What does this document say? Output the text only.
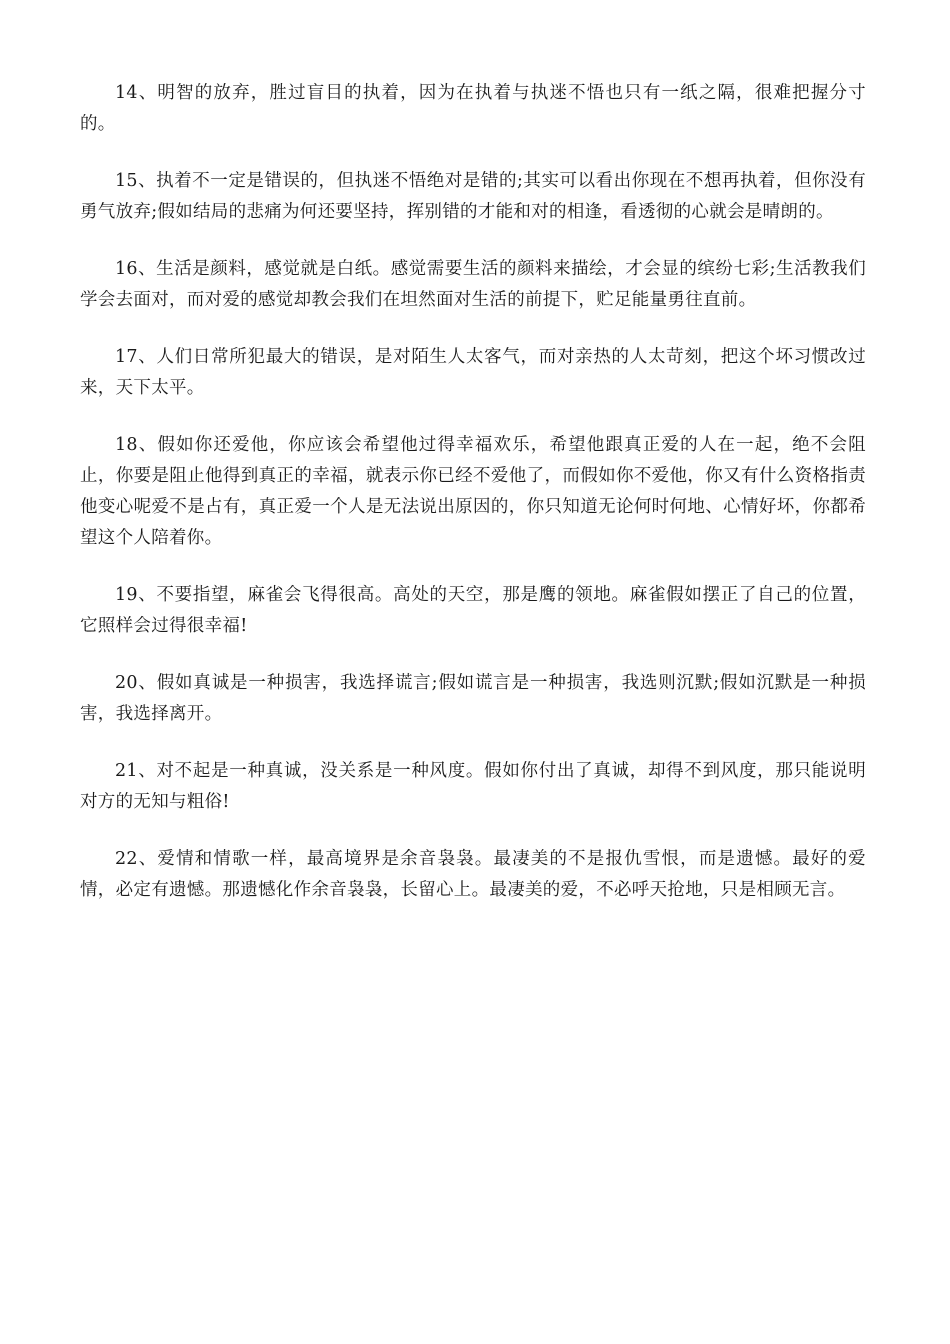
14、明智的放弃，胜过盲目的执着，因为在执着与执迷不悟也只有一纸之隔，很难把握分寸的。

15、执着不一定是错误的，但执迷不悟绝对是错的;其实可以看出你现在不想再执着，但你没有勇气放弃;假如结局的悲痛为何还要坚持，挥别错的才能和对的相逢，看透彻的心就会是晴朗的。

16、生活是颜料，感觉就是白纸。感觉需要生活的颜料来描绘，才会显的缤纷七彩;生活教我们学会去面对，而对爱的感觉却教会我们在坦然面对生活的前提下，贮足能量勇往直前。

17、人们日常所犯最大的错误，是对陌生人太客气，而对亲热的人太苛刻，把这个坏习惯改过来，天下太平。

18、假如你还爱他，你应该会希望他过得幸福欢乐，希望他跟真正爱的人在一起，绝不会阻止，你要是阻止他得到真正的幸福，就表示你已经不爱他了，而假如你不爱他，你又有什么资格指责他变心呢爱不是占有，真正爱一个人是无法说出原因的，你只知道无论何时何地、心情好坏，你都希望这个人陪着你。

19、不要指望，麻雀会飞得很高。高处的天空，那是鹰的领地。麻雀假如摆正了自己的位置，它照样会过得很幸福!

20、假如真诚是一种损害，我选择谎言;假如谎言是一种损害，我选则沉默;假如沉默是一种损害，我选择离开。

21、对不起是一种真诚，没关系是一种风度。假如你付出了真诚，却得不到风度，那只能说明对方的无知与粗俗!

22、爱情和情歌一样，最高境界是余音袅袅。最凄美的不是报仇雪恨，而是遗憾。最好的爱情，必定有遗憾。那遗憾化作余音袅袅，长留心上。最凄美的爱，不必呼天抢地，只是相顾无言。
